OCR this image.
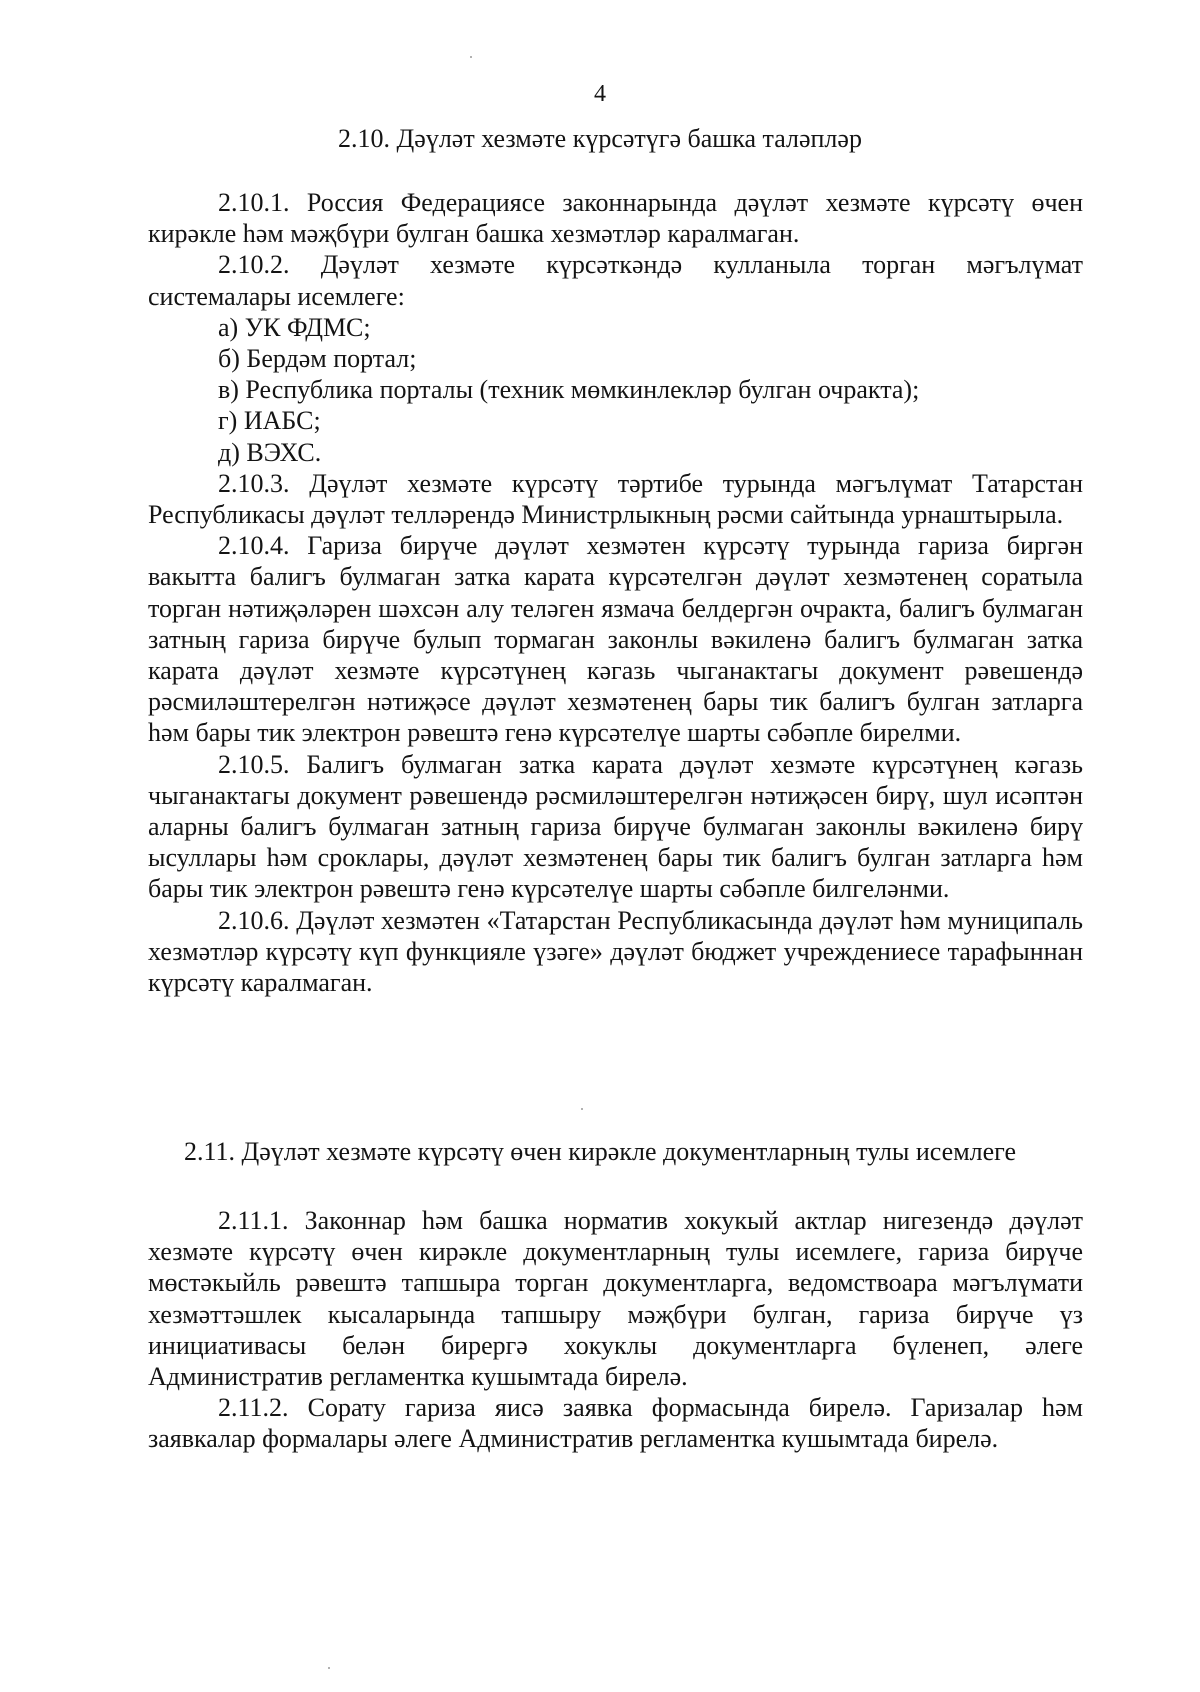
4
2.10. Дәүләт хезмәте күрсәтүгә башка таләпләр

2.10.1. Россия Федерациясе законнарында дәүләт хезмәте күрсәтү өчен кирәкле һәм мәҗбүри булган башка хезмәтләр каралмаган.

2.10.2. Дәүләт хезмәте күрсәткәндә кулланыла торган мәгълүмат системалары исемлеге:

а) УК ФДМС;

б) Бердәм портал;

в) Республика порталы (техник мөмкинлекләр булган очракта);

г) ИАБС;

д) ВЭХС.

2.10.3. Дәүләт хезмәте күрсәтү тәртибе турында мәгълүмат Татарстан Республикасы дәүләт телләрендә Министрлыкның рәсми сайтында урнаштырыла.

2.10.4. Гариза бирүче дәүләт хезмәтен күрсәтү турында гариза биргән вакытта балигъ булмаган затка карата күрсәтелгән дәүләт хезмәтенең соратыла торган нәтиҗәләрен шәхсән алу теләген язмача белдергән очракта, балигъ булмаган затның гариза бирүче булып тормаган законлы вәкиленә балигъ булмаган затка карата дәүләт хезмәте күрсәтүнең кәгазь чыганактагы документ рәвешендә рәсмиләштерелгән нәтиҗәсе дәүләт хезмәтенең бары тик балигъ булган затларга һәм бары тик электрон рәвештә генә күрсәтелүе шарты сәбәпле бирелми.

2.10.5. Балигъ булмаган затка карата дәүләт хезмәте күрсәтүнең кәгазь чыганактагы документ рәвешендә рәсмиләштерелгән нәтиҗәсен бирү, шул исәптән аларны балигъ булмаган затның гариза бирүче булмаган законлы вәкиленә бирү ысуллары һәм сроклары, дәүләт хезмәтенең бары тик балигъ булган затларга һәм бары тик электрон рәвештә генә күрсәтелүе шарты сәбәпле билгеләнми.

2.10.6. Дәүләт хезмәтен «Татарстан Республикасында дәүләт һәм муниципаль хезмәтләр күрсәтү күп функцияле үзәге» дәүләт бюджет учреждениесе тарафыннан күрсәтү каралмаган.

2.11. Дәүләт хезмәте күрсәтү өчен кирәкле документларның тулы исемлеге

2.11.1. Законнар һәм башка норматив хокукый актлар нигезендә дәүләт хезмәте күрсәтү өчен кирәкле документларның тулы исемлеге, гариза бирүче мөстәкыйль рәвештә тапшыра торган документларга, ведомствоара мәгълүмати хезмәттәшлек кысаларында тапшыру мәҗбүри булган, гариза бирүче үз инициативасы белән бирергә хокуклы документларга бүленеп, әлеге Административ регламентка кушымтада бирелә.

2.11.2. Сорату гариза яисә заявка формасында бирелә. Гаризалар һәм заявкалар формалары әлеге Административ регламентка кушымтада бирелә.
